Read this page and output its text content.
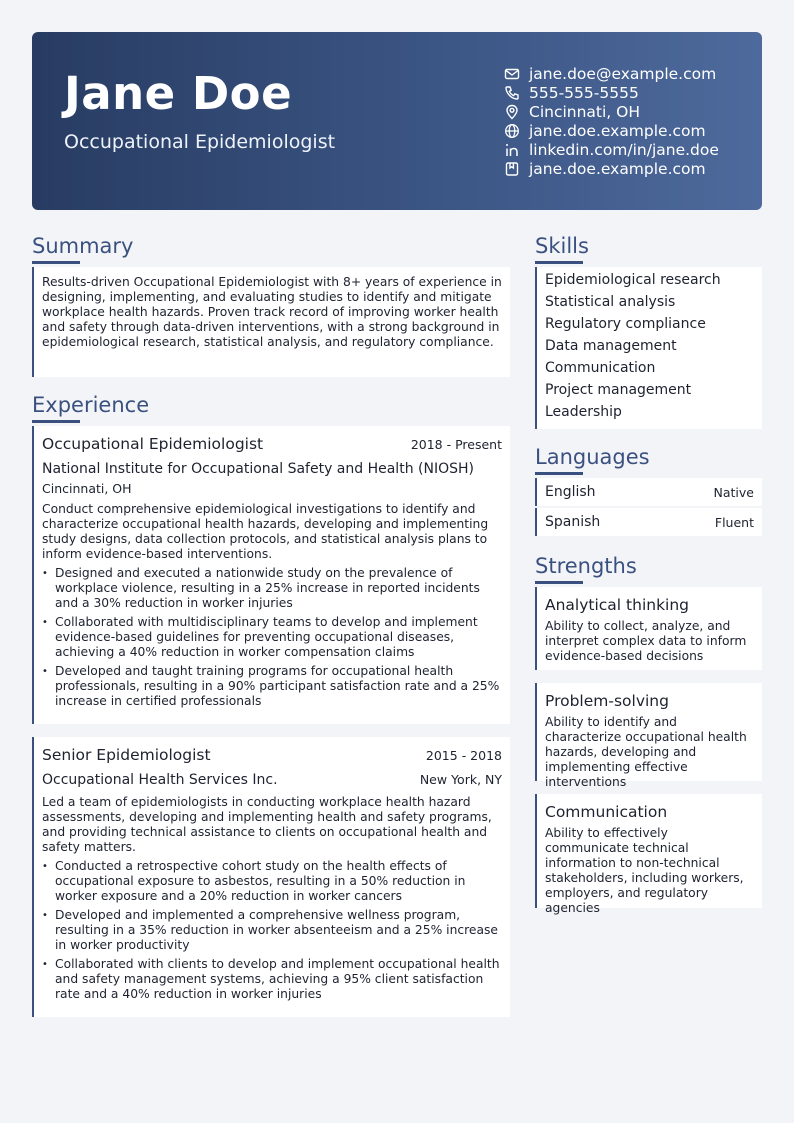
Jane Doe
Occupational Epidemiologist
jane.doe@example.com
555-555-5555
Cincinnati, OH
jane.doe.example.com
linkedin.com/in/jane.doe
jane.doe.example.com
Summary
Results-driven Occupational Epidemiologist with 8+ years of experience in designing, implementing, and evaluating studies to identify and mitigate workplace health hazards. Proven track record of improving worker health and safety through data-driven interventions, with a strong background in epidemiological research, statistical analysis, and regulatory compliance.
Experience
Occupational Epidemiologist	2018 - Present
National Institute for Occupational Safety and Health (NIOSH)
Cincinnati, OH
Conduct comprehensive epidemiological investigations to identify and characterize occupational health hazards, developing and implementing study designs, data collection protocols, and statistical analysis plans to inform evidence-based interventions.
• Designed and executed a nationwide study on the prevalence of workplace violence, resulting in a 25% increase in reported incidents and a 30% reduction in worker injuries
• Collaborated with multidisciplinary teams to develop and implement evidence-based guidelines for preventing occupational diseases, achieving a 40% reduction in worker compensation claims
• Developed and taught training programs for occupational health professionals, resulting in a 90% participant satisfaction rate and a 25% increase in certified professionals
Senior Epidemiologist	2015 - 2018
Occupational Health Services Inc.	New York, NY
Led a team of epidemiologists in conducting workplace health hazard assessments, developing and implementing health and safety programs, and providing technical assistance to clients on occupational health and safety matters.
• Conducted a retrospective cohort study on the health effects of occupational exposure to asbestos, resulting in a 50% reduction in worker exposure and a 20% reduction in worker cancers
• Developed and implemented a comprehensive wellness program, resulting in a 35% reduction in worker absenteeism and a 25% increase in worker productivity
• Collaborated with clients to develop and implement occupational health and safety management systems, achieving a 95% client satisfaction rate and a 40% reduction in worker injuries
Skills
Epidemiological research
Statistical analysis
Regulatory compliance
Data management
Communication
Project management
Leadership
Languages
English	Native
Spanish	Fluent
Strengths
Analytical thinking
Ability to collect, analyze, and interpret complex data to inform evidence-based decisions
Problem-solving
Ability to identify and characterize occupational health hazards, developing and implementing effective interventions
Communication
Ability to effectively communicate technical information to non-technical stakeholders, including workers, employers, and regulatory agencies
